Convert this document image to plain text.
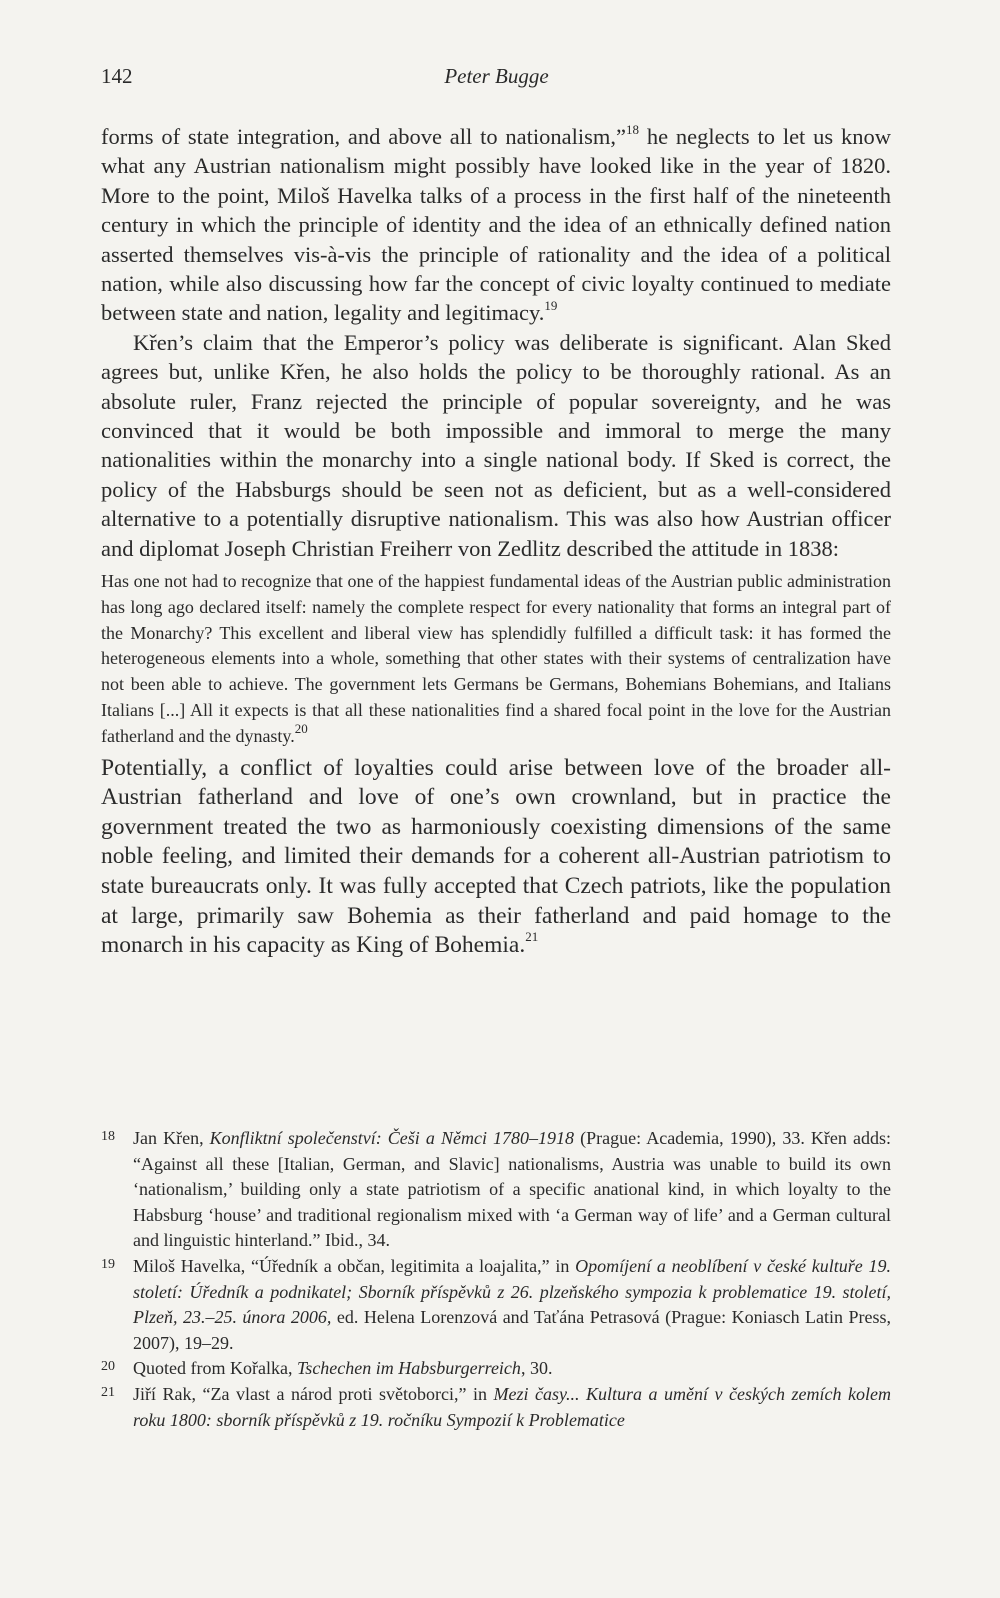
142	Peter Bugge

forms of state integration, and above all to nationalism,”$^{18}$ he neglects to let us know what any Austrian nationalism might possibly have looked like in the year of 1820. More to the point, Miloš Havelka talks of a process in the first half of the nineteenth century in which the principle of identity and the idea of an ethnically defined nation asserted themselves vis-à-vis the principle of rationality and the idea of a political nation, while also discussing how far the concept of civic loyalty continued to mediate between state and nation, legality and legitimacy.$^{19}$

Křen’s claim that the Emperor’s policy was deliberate is significant. Alan Sked agrees but, unlike Křen, he also holds the policy to be thoroughly rational. As an absolute ruler, Franz rejected the principle of popular sovereignty, and he was convinced that it would be both impossible and immoral to merge the many nationalities within the monarchy into a single national body. If Sked is correct, the policy of the Habsburgs should be seen not as deficient, but as a well-considered alternative to a potentially disruptive nationalism. This was also how Austrian officer and diplomat Joseph Christian Freiherr von Zedlitz described the attitude in 1838:

Has one not had to recognize that one of the happiest fundamental ideas of the Austrian public administration has long ago declared itself: namely the complete respect for every nationality that forms an integral part of the Monarchy? This excellent and liberal view has splendidly fulfilled a difficult task: it has formed the heterogeneous elements into a whole, something that other states with their systems of centralization have not been able to achieve. The government lets Germans be Germans, Bohemians Bohemians, and Italians Italians [...] All it expects is that all these nationalities find a shared focal point in the love for the Austrian fatherland and the dynasty.$^{20}$

Potentially, a conflict of loyalties could arise between love of the broader all-Austrian fatherland and love of one’s own crownland, but in practice the government treated the two as harmoniously coexisting dimensions of the same noble feeling, and limited their demands for a coherent all-Austrian patriotism to state bureaucrats only. It was fully accepted that Czech patriots, like the population at large, primarily saw Bohemia as their fatherland and paid homage to the monarch in his capacity as King of Bohemia.$^{21}$

18 Jan Křen, Konfliktní společenství: Češi a Němci 1780–1918 (Prague: Academia, 1990), 33. Křen adds: “Against all these [Italian, German, and Slavic] nationalisms, Austria was unable to build its own ‘nationalism,’ building only a state patriotism of a specific anational kind, in which loyalty to the Habsburg ‘house’ and traditional regionalism mixed with ‘a German way of life’ and a German cultural and linguistic hinterland.” Ibid., 34.

19 Miloš Havelka, “Úředník a občan, legitimita a loajalita,” in Opomíjení a neoblíbení v české kultuře 19. století: Úředník a podnikatel; Sborník příspěvků z 26. plzeňského sympozia k problematice 19. století, Plzeň, 23.–25. února 2006, ed. Helena Lorenzová and Taťána Petrasová (Prague: Koniasch Latin Press, 2007), 19–29.

20 Quoted from Kořalka, Tschechen im Habsburgerreich, 30.

21 Jiří Rak, “Za vlast a národ proti světoborci,” in Mezi časy... Kultura a umění v českých zemích kolem roku 1800: sborník příspěvků z 19. ročníku Sympozií k Problematice
